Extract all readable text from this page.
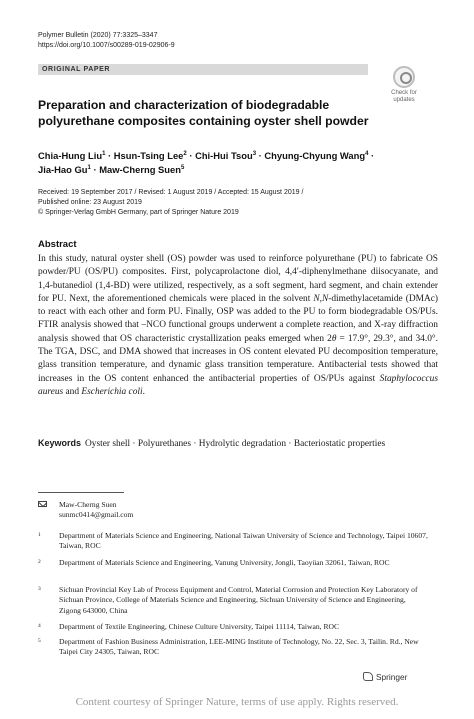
Polymer Bulletin (2020) 77:3325–3347
https://doi.org/10.1007/s00289-019-02906-9
ORIGINAL PAPER
Check for
updates
Preparation and characterization of biodegradable polyurethane composites containing oyster shell powder
Chia-Hung Liu$^1$ · Hsun-Tsing Lee$^2$ · Chi-Hui Tsou$^3$ · Chyung-Chyung Wang$^4$ ·
Jia-Hao $Gu^1$ · Maw-Cherng Suen$^5$
Received: 19 September 2017 / Revised: 1 August 2019 / Accepted: 15 August 2019 /
Published online: 23 August 2019
© Springer-Verlag GmbH Germany, part of Springer Nature 2019
Abstract
In this study, natural oyster shell (OS) powder was used to reinforce polyurethane (PU) to fabricate OS powder/PU (OS/PU) composites. First, polycaprolactone diol, 4,4′-diphenylmethane diisocyanate, and 1,4-butanediol (1,4-BD) were utilized, respectively, as a soft segment, hard segment, and chain extender for PU. Next, the aforementioned chemicals were placed in the solvent N,N-dimethylacetamide (DMAc) to react with each other and form PU. Finally, OSP was added to the PU to form biodegradable OS/PUs. FTIR analysis showed that –NCO functional groups underwent a complete reaction, and X-ray diffraction analysis showed that OS characteristic crystallization peaks emerged when 2θ = 17.9°, 29.3°, and 34.0°. The TGA, DSC, and DMA showed that increases in OS content elevated PU decomposition temperature, glass transition temperature, and dynamic glass transition temperature. Antibacterial tests showed that increases in the OS content enhanced the antibacterial properties of OS/PUs against Staphylococcus aureus and Escherichia coli.
Keywords Oyster shell · Polyurethanes · Hydrolytic degradation · Bacteriostatic properties
Maw-Cherng Suen
sunmc0414@gmail.com
1 Department of Materials Science and Engineering, National Taiwan University of Science and Technology, Taipei 10607, Taiwan, ROC
2 Department of Materials Science and Engineering, Vanung University, Jongli, Taoyüan 32061, Taiwan, ROC
3 Sichuan Provincial Key Lab of Process Equipment and Control, Material Corrosion and Protection Key Laboratory of Sichuan Province, College of Materials Science and Engineering, Sichuan University of Science and Engineering, Zigong 643000, China
4 Department of Textile Engineering, Chinese Culture University, Taipei 11114, Taiwan, ROC
5 Department of Fashion Business Administration, LEE-MING Institute of Technology, No. 22, Sec. 3, Tailin. Rd., New Taipei City 24305, Taiwan, ROC
Springer
Content courtesy of Springer Nature, terms of use apply. Rights reserved.
